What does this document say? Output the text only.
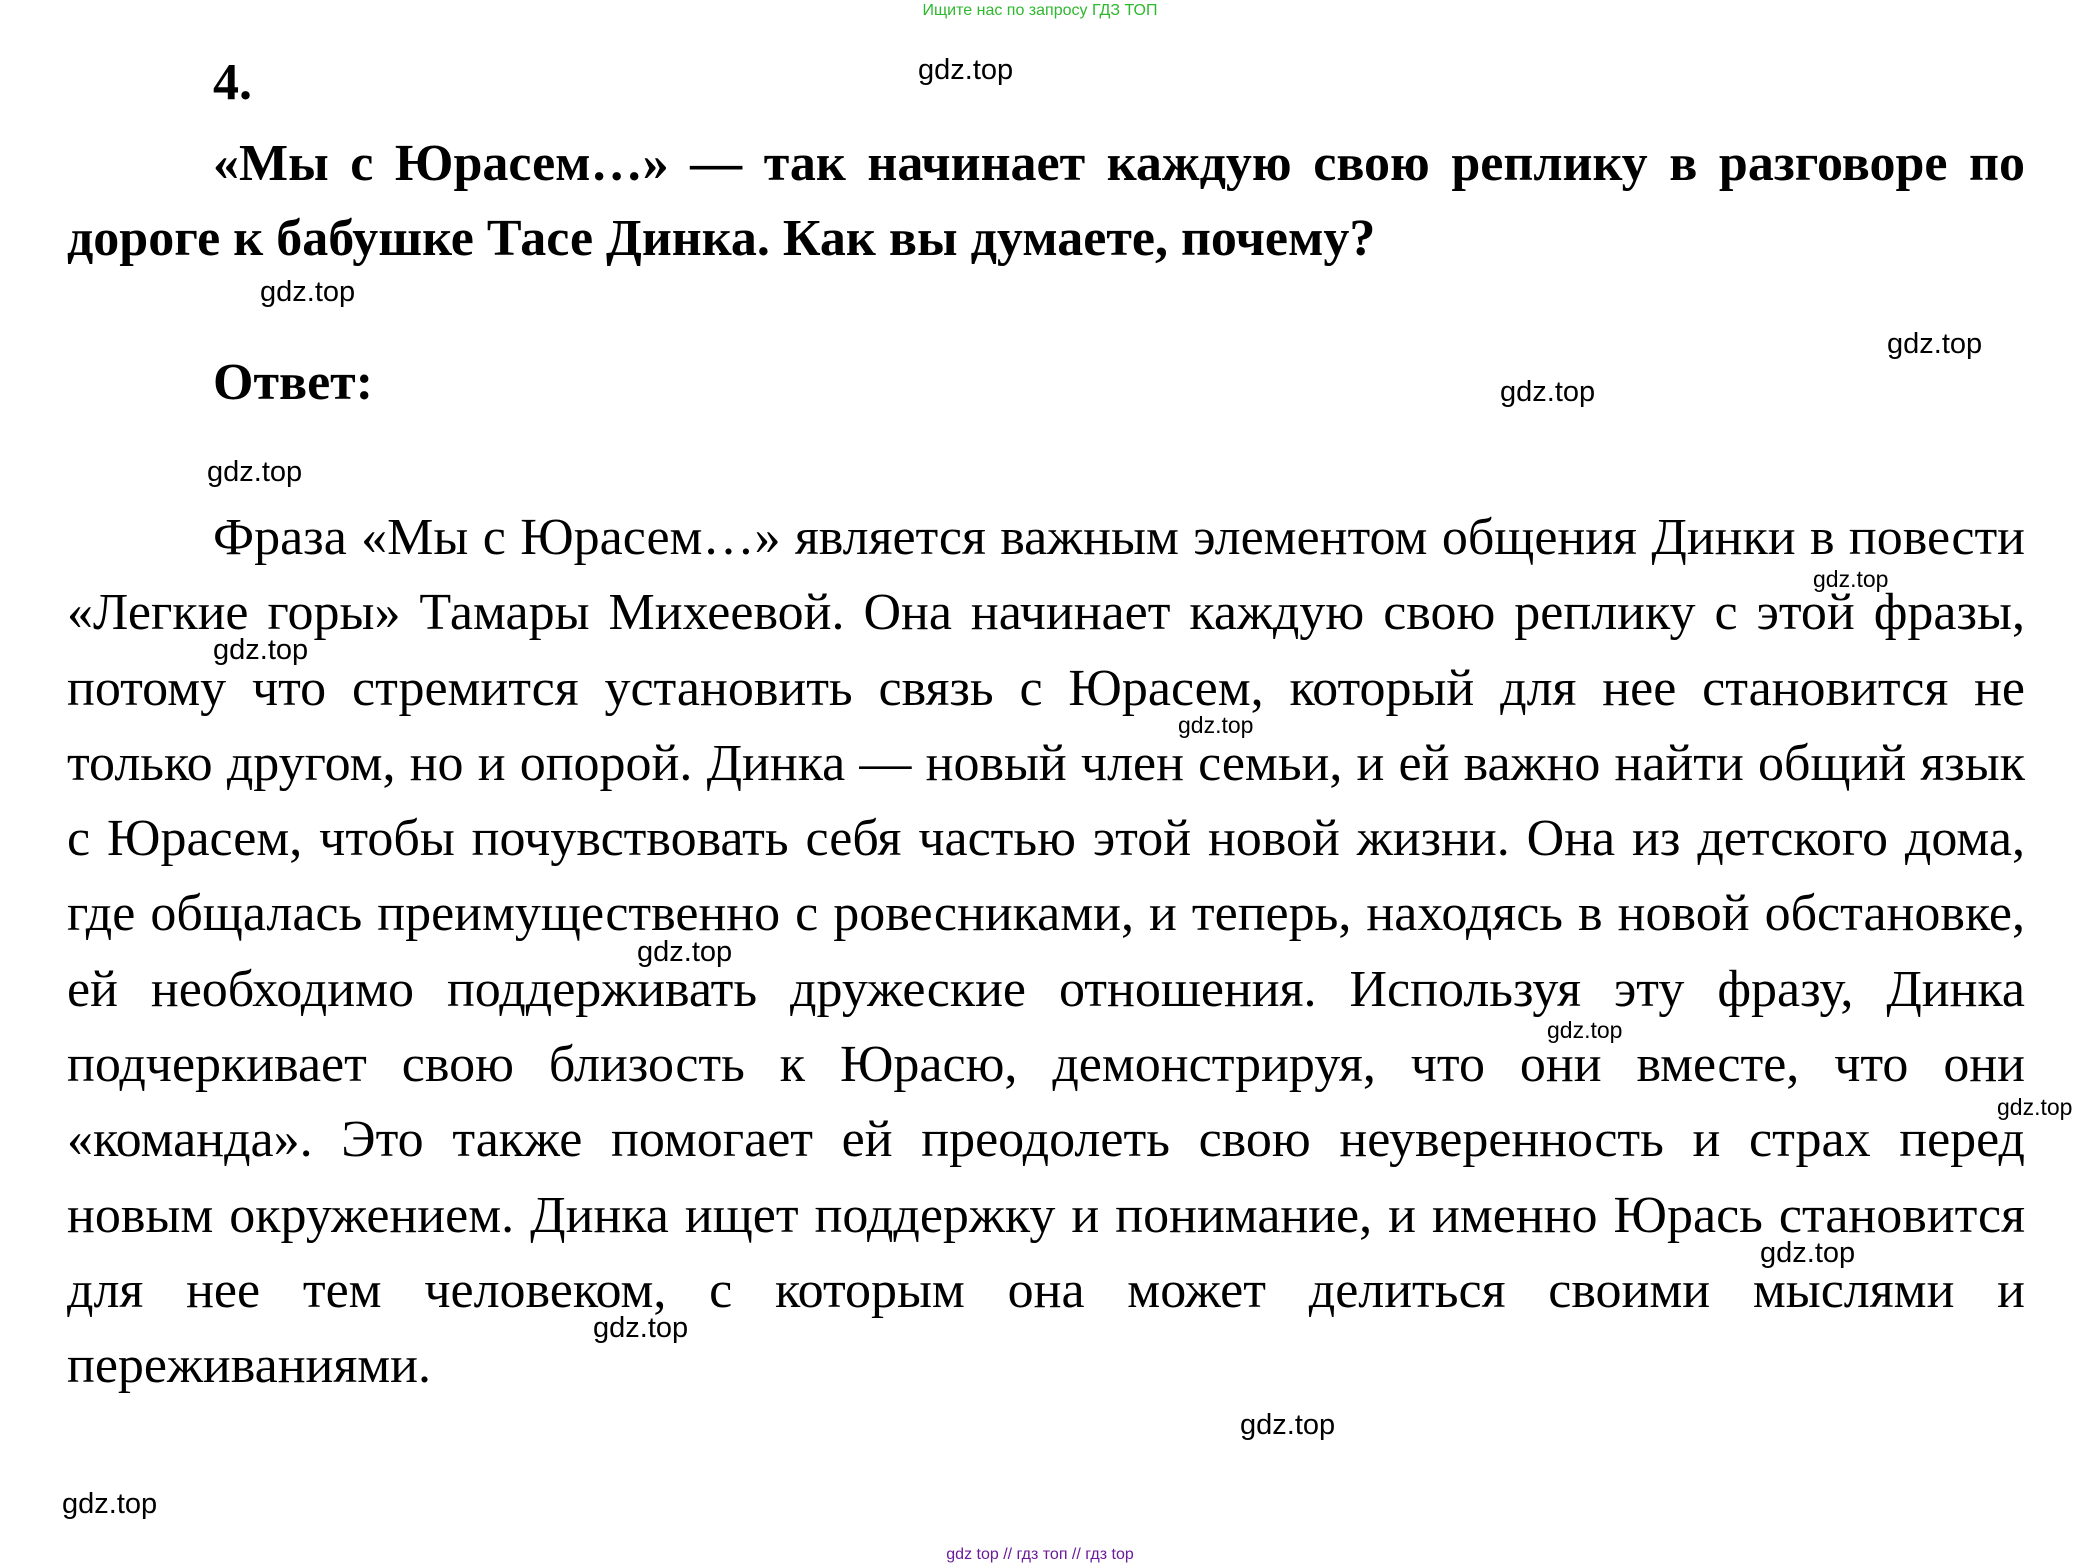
Ищите нас по запросу ГДЗ ТОП
4.
«Мы с Юрасем…» — так начинает каждую свою реплику в разговоре по дороге к бабушке Тасе Динка. Как вы думаете, почему?
Ответ:
Фраза «Мы с Юрасем…» является важным элементом общения Динки в повести «Легкие горы» Тамары Михеевой. Она начинает каждую свою реплику с этой фразы, потому что стремится установить связь с Юрасем, который для нее становится не только другом, но и опорой. Динка — новый член семьи, и ей важно найти общий язык с Юрасем, чтобы почувствовать себя частью этой новой жизни. Она из детского дома, где общалась преимущественно с ровесниками, и теперь, находясь в новой обстановке, ей необходимо поддерживать дружеские отношения. Используя эту фразу, Динка подчеркивает свою близость к Юрасю, демонстрируя, что они вместе, что они «команда». Это также помогает ей преодолеть свою неуверенность и страх перед новым окружением. Динка ищет поддержку и понимание, и именно Юрась становится для нее тем человеком, с которым она может делиться своими мыслями и переживаниями.
gdz.top
gdz.top
gdz.top
gdz.top
gdz.top
gdz.top
gdz.top
gdz.top
gdz.top
gdz.top
gdz.top
gdz.top
gdz.top
gdz.top
gdz.top
gdz top // гдз топ // гдз top
